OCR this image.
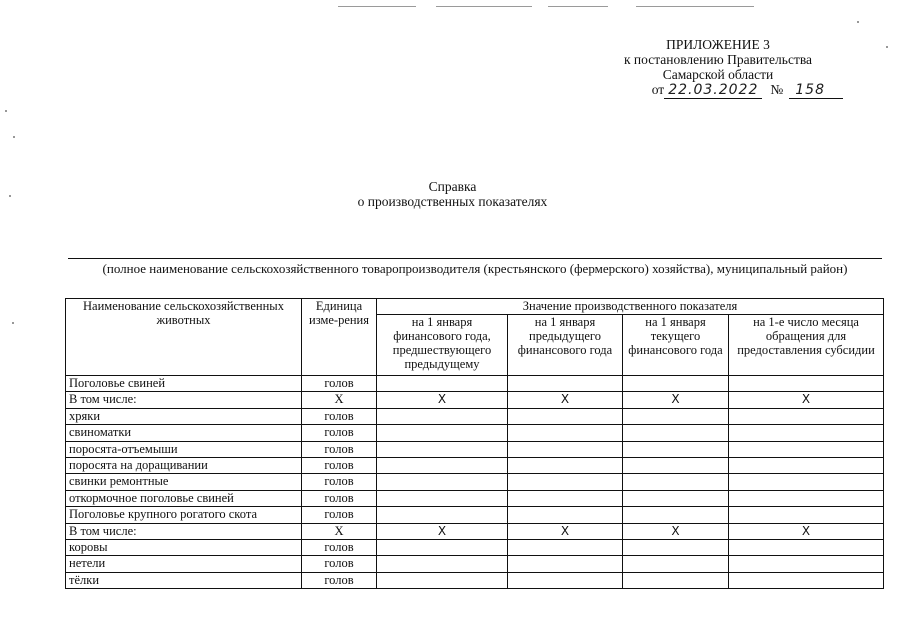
ПРИЛОЖЕНИЕ 3
к постановлению Правительства
Самарской области
от 22.03.2022 № 158
Справка
о производственных показателях
(полное наименование сельскохозяйственного товаропроизводителя (крестьянского (фермерского) хозяйства), муниципальный район)
Наименование сельскохозяйственных животных	Единица изме-рения	Значение производственного показателя			
		на 1 января финансового года, предшествующего предыдущему	на 1 января предыдущего финансового года	на 1 января текущего финансового года	на 1-е число месяца обращения для предоставления субсидии
Поголовье свиней	голов				
В том числе:	X	X	X	X	X
хряки	голов				
свиноматки	голов				
поросята-отъемыши	голов				
поросята на доращивании	голов				
свинки ремонтные	голов				
откормочное поголовье свиней	голов				
Поголовье крупного рогатого скота	голов				
В том числе:	X	X	X	X	X
коровы	голов				
нетели	голов				
тёлки	голов				
